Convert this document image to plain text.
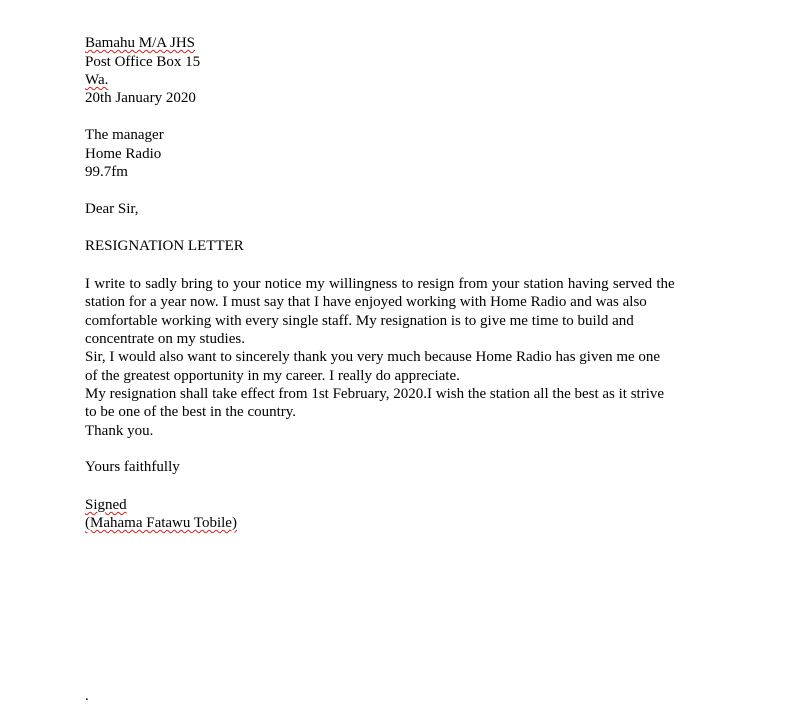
Bamahu M/A JHS
Post Office Box 15
Wa.
20th January 2020
The manager
Home Radio
99.7fm
Dear Sir,
RESIGNATION LETTER
I write to sadly bring to your notice my willingness to resign from your station having served the
station for a year now. I must say that I have enjoyed working with Home Radio and was also
comfortable working with every single staff. My resignation is to give me time to build and
concentrate on my studies.
Sir, I would also want to sincerely thank you very much because Home Radio has given me one
of the greatest opportunity in my career. I really do appreciate.
My resignation shall take effect from 1st February, 2020.I wish the station all the best as it strive
to be one of the best in the country.
Thank you.
Yours faithfully
Signed
(Mahama Fatawu Tobile)
.
